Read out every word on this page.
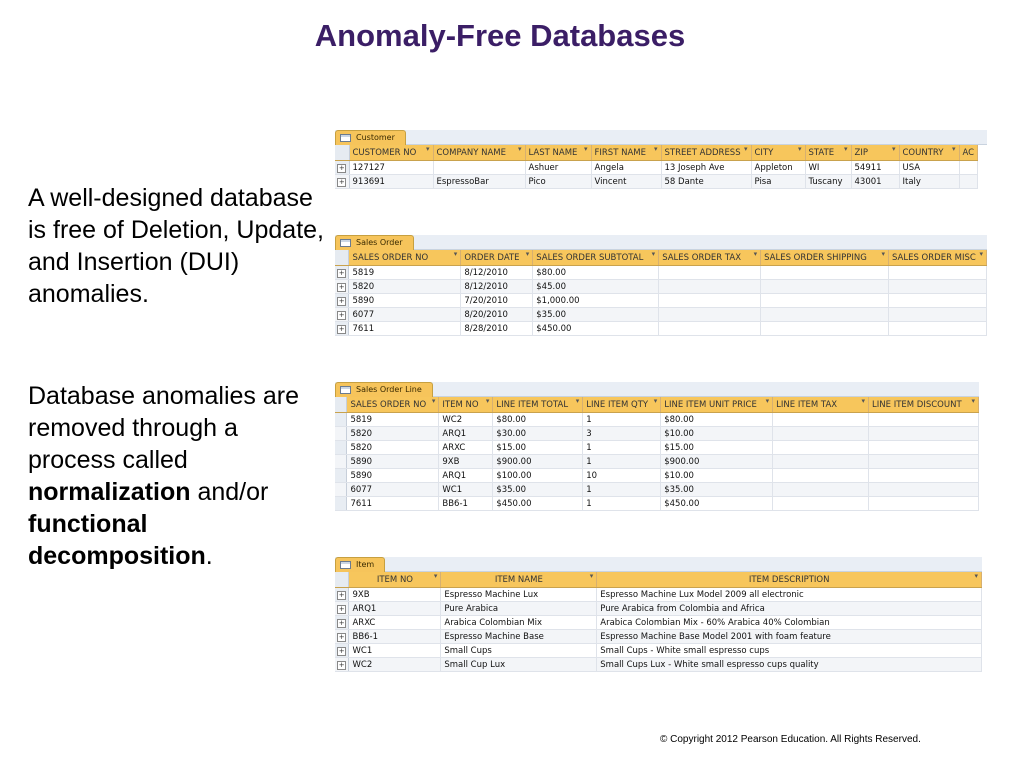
Anomaly-Free Databases
A well-designed database is free of Deletion, Update, and Insertion (DUI) anomalies.
Database anomalies are removed through a process called normalization and/or functional decomposition.
Customer
	CUSTOMER NO ▾	COMPANY NAME ▾	LAST NAME ▾	FIRST NAME ▾	STREET ADDRESS ▾	CITY ▾	STATE ▾	ZIP ▾	COUNTRY ▾	AC
+	127127		Ashuer	Angela	13 Joseph Ave	Appleton	WI	54911	USA	
+	913691	EspressoBar	Pico	Vincent	58 Dante	Pisa	Tuscany	43001	Italy	
Sales Order
	SALES ORDER NO ▾	ORDER DATE ▾	SALES ORDER SUBTOTAL ▾	SALES ORDER TAX ▾	SALES ORDER SHIPPING ▾	SALES ORDER MISC ▾

+	5819	8/12/2010	$80.00			
+	5820	8/12/2010	$45.00			
+	5890	7/20/2010	$1,000.00			
+	6077	8/20/2010	$35.00			
+	7611	8/28/2010	$450.00			
Sales Order Line
	SALES ORDER NO ▾	ITEM NO ▾	LINE ITEM TOTAL ▾	LINE ITEM QTY ▾	LINE ITEM UNIT PRICE ▾	LINE ITEM TAX ▾	LINE ITEM DISCOUNT ▾

	5819	WC2	$80.00	1	$80.00		
	5820	ARQ1	$30.00	3	$10.00		
	5820	ARXC	$15.00	1	$15.00		
	5890	9XB	$900.00	1	$900.00		
	5890	ARQ1	$100.00	10	$10.00		
	6077	WC1	$35.00	1	$35.00		
	7611	BB6-1	$450.00	1	$450.00		
Item
	ITEM NO ▾	ITEM NAME ▾	ITEM DESCRIPTION ▾

+	9XB	Espresso Machine Lux	Espresso Machine Lux Model 2009 all electronic
+	ARQ1	Pure Arabica	Pure Arabica from Colombia and Africa
+	ARXC	Arabica Colombian Mix	Arabica Colombian Mix - 60% Arabica 40% Colombian
+	BB6-1	Espresso Machine Base	Espresso Machine Base Model 2001 with foam feature
+	WC1	Small Cups	Small Cups - White small espresso cups
+	WC2	Small Cup Lux	Small Cups Lux - White small espresso cups quality
© Copyright 2012 Pearson Education. All Rights Reserved.
